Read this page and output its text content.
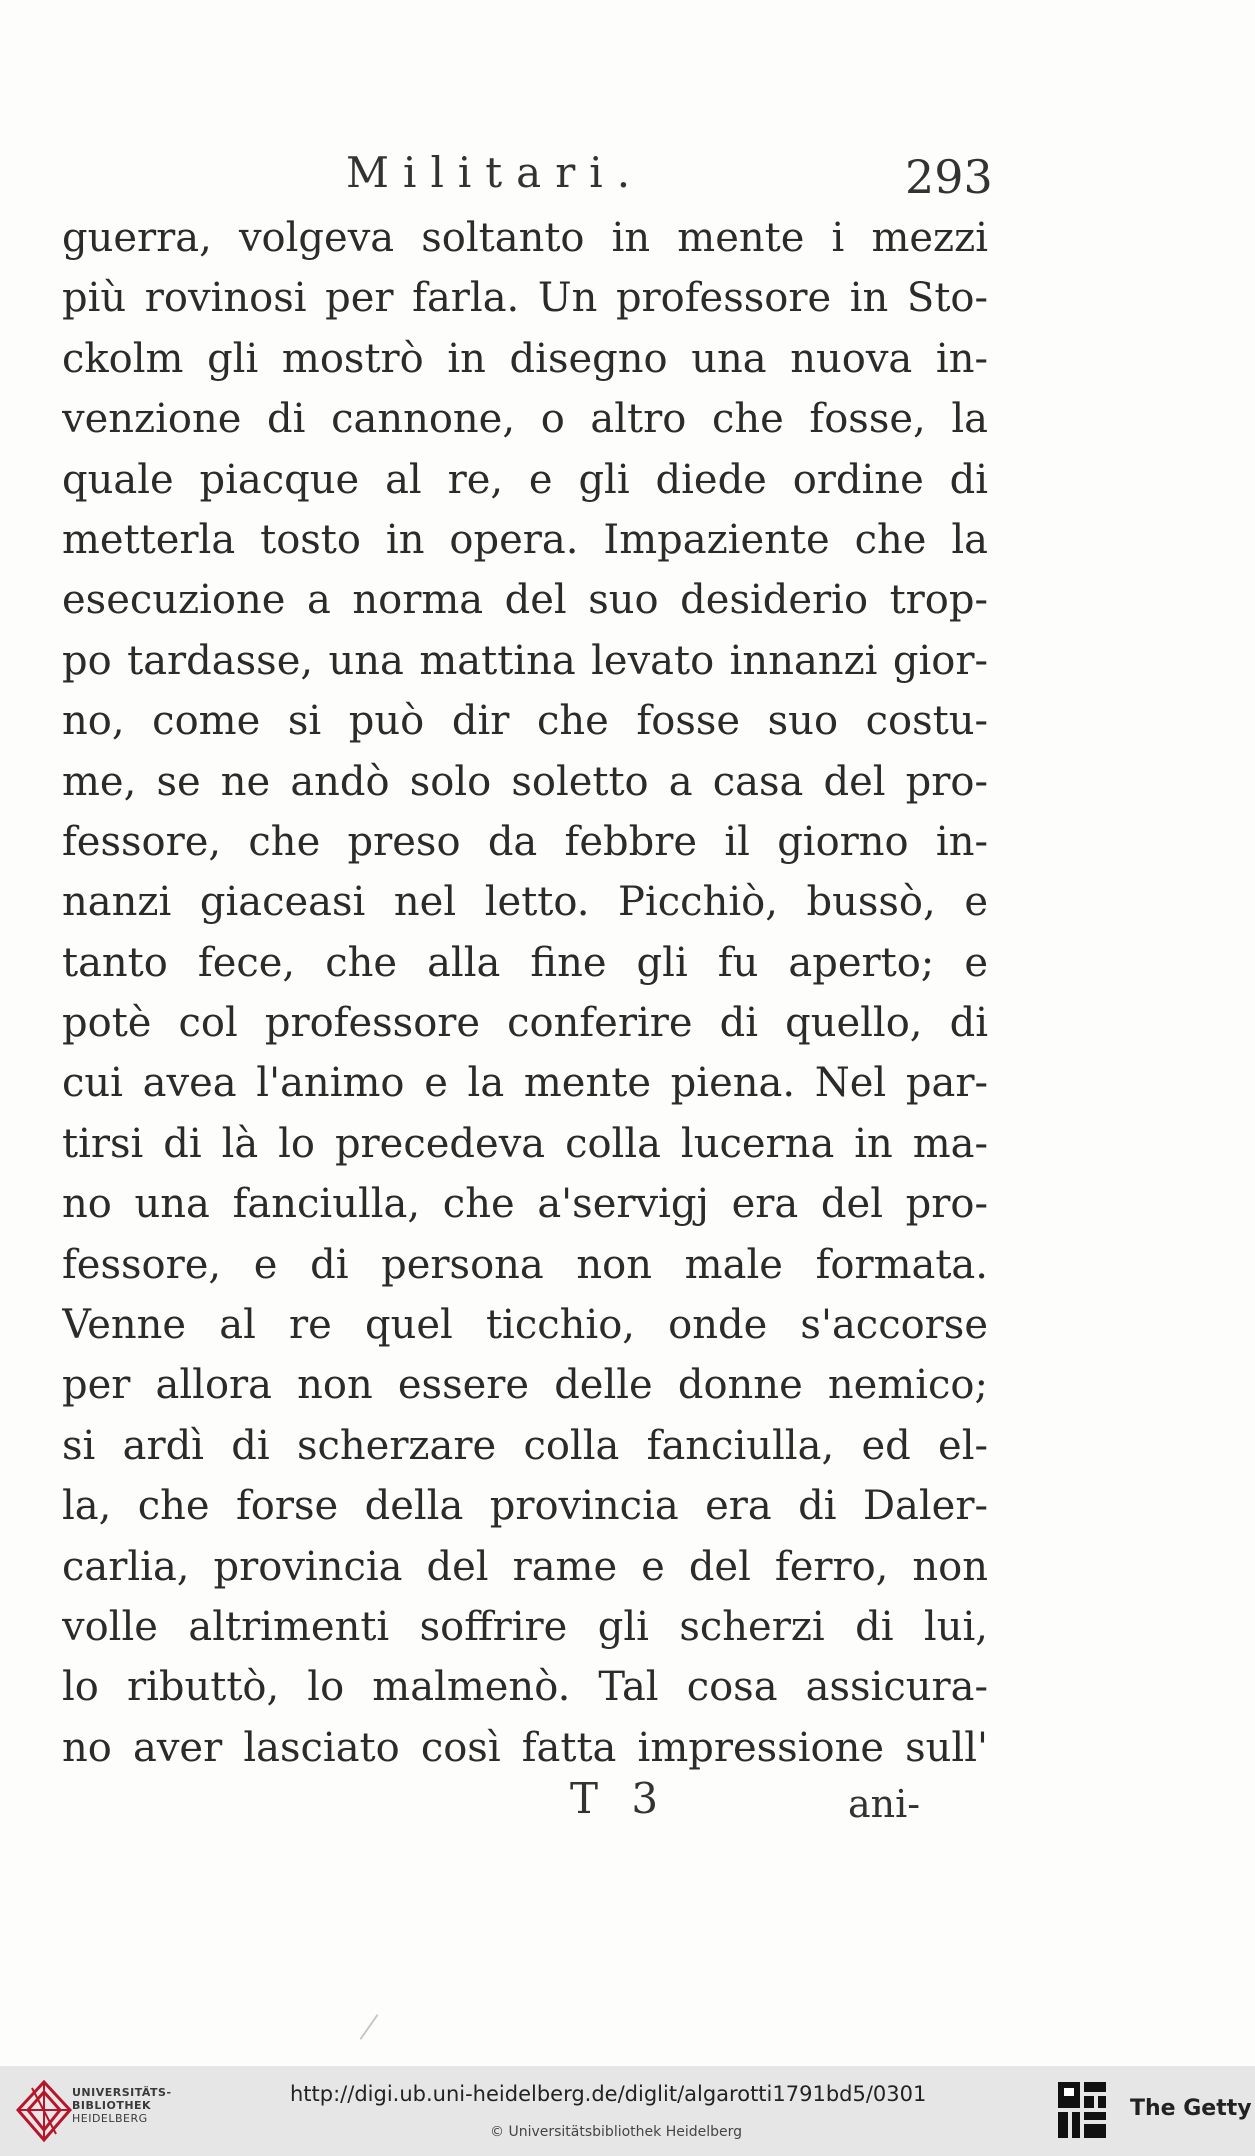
Militari.	293
guerra, volgeva soltanto in mente i mezzi
più rovinosi per farla. Un professore in Sto-
ckolm gli mostrò in disegno una nuova in-
venzione di cannone, o altro che fosse, la
quale piacque al re, e gli diede ordine di
metterla tosto in opera. Impaziente che la
esecuzione a norma del suo desiderio trop-
po tardasse, una mattina levato innanzi gior-
no, come si può dir che fosse suo costu-
me, se ne andò solo soletto a casa del pro-
fessore, che preso da febbre il giorno in-
nanzi giaceasi nel letto. Picchiò, bussò, e
tanto fece, che alla fine gli fu aperto; e
potè col professore conferire di quello, di
cui avea l'animo e la mente piena. Nel par-
tirsi di là lo precedeva colla lucerna in ma-
no una fanciulla, che a'servigj era del pro-
fessore, e di persona non male formata.
Venne al re quel ticchio, onde s'accorse
per allora non essere delle donne nemico;
si ardì di scherzare colla fanciulla, ed el-
la, che forse della provincia era di Daler-
carlia, provincia del rame e del ferro, non
volle altrimenti soffrire gli scherzi di lui,
lo ributtò, lo malmenò. Tal cosa assicura-
no aver lasciato così fatta impressione sull'
T 3	ani-
UNIVERSITÄTS-
BIBLIOTHEK
HEIDELBERG
http://digi.ub.uni-heidelberg.de/diglit/algarotti1791bd5/0301
© Universitätsbibliothek Heidelberg
The Getty
